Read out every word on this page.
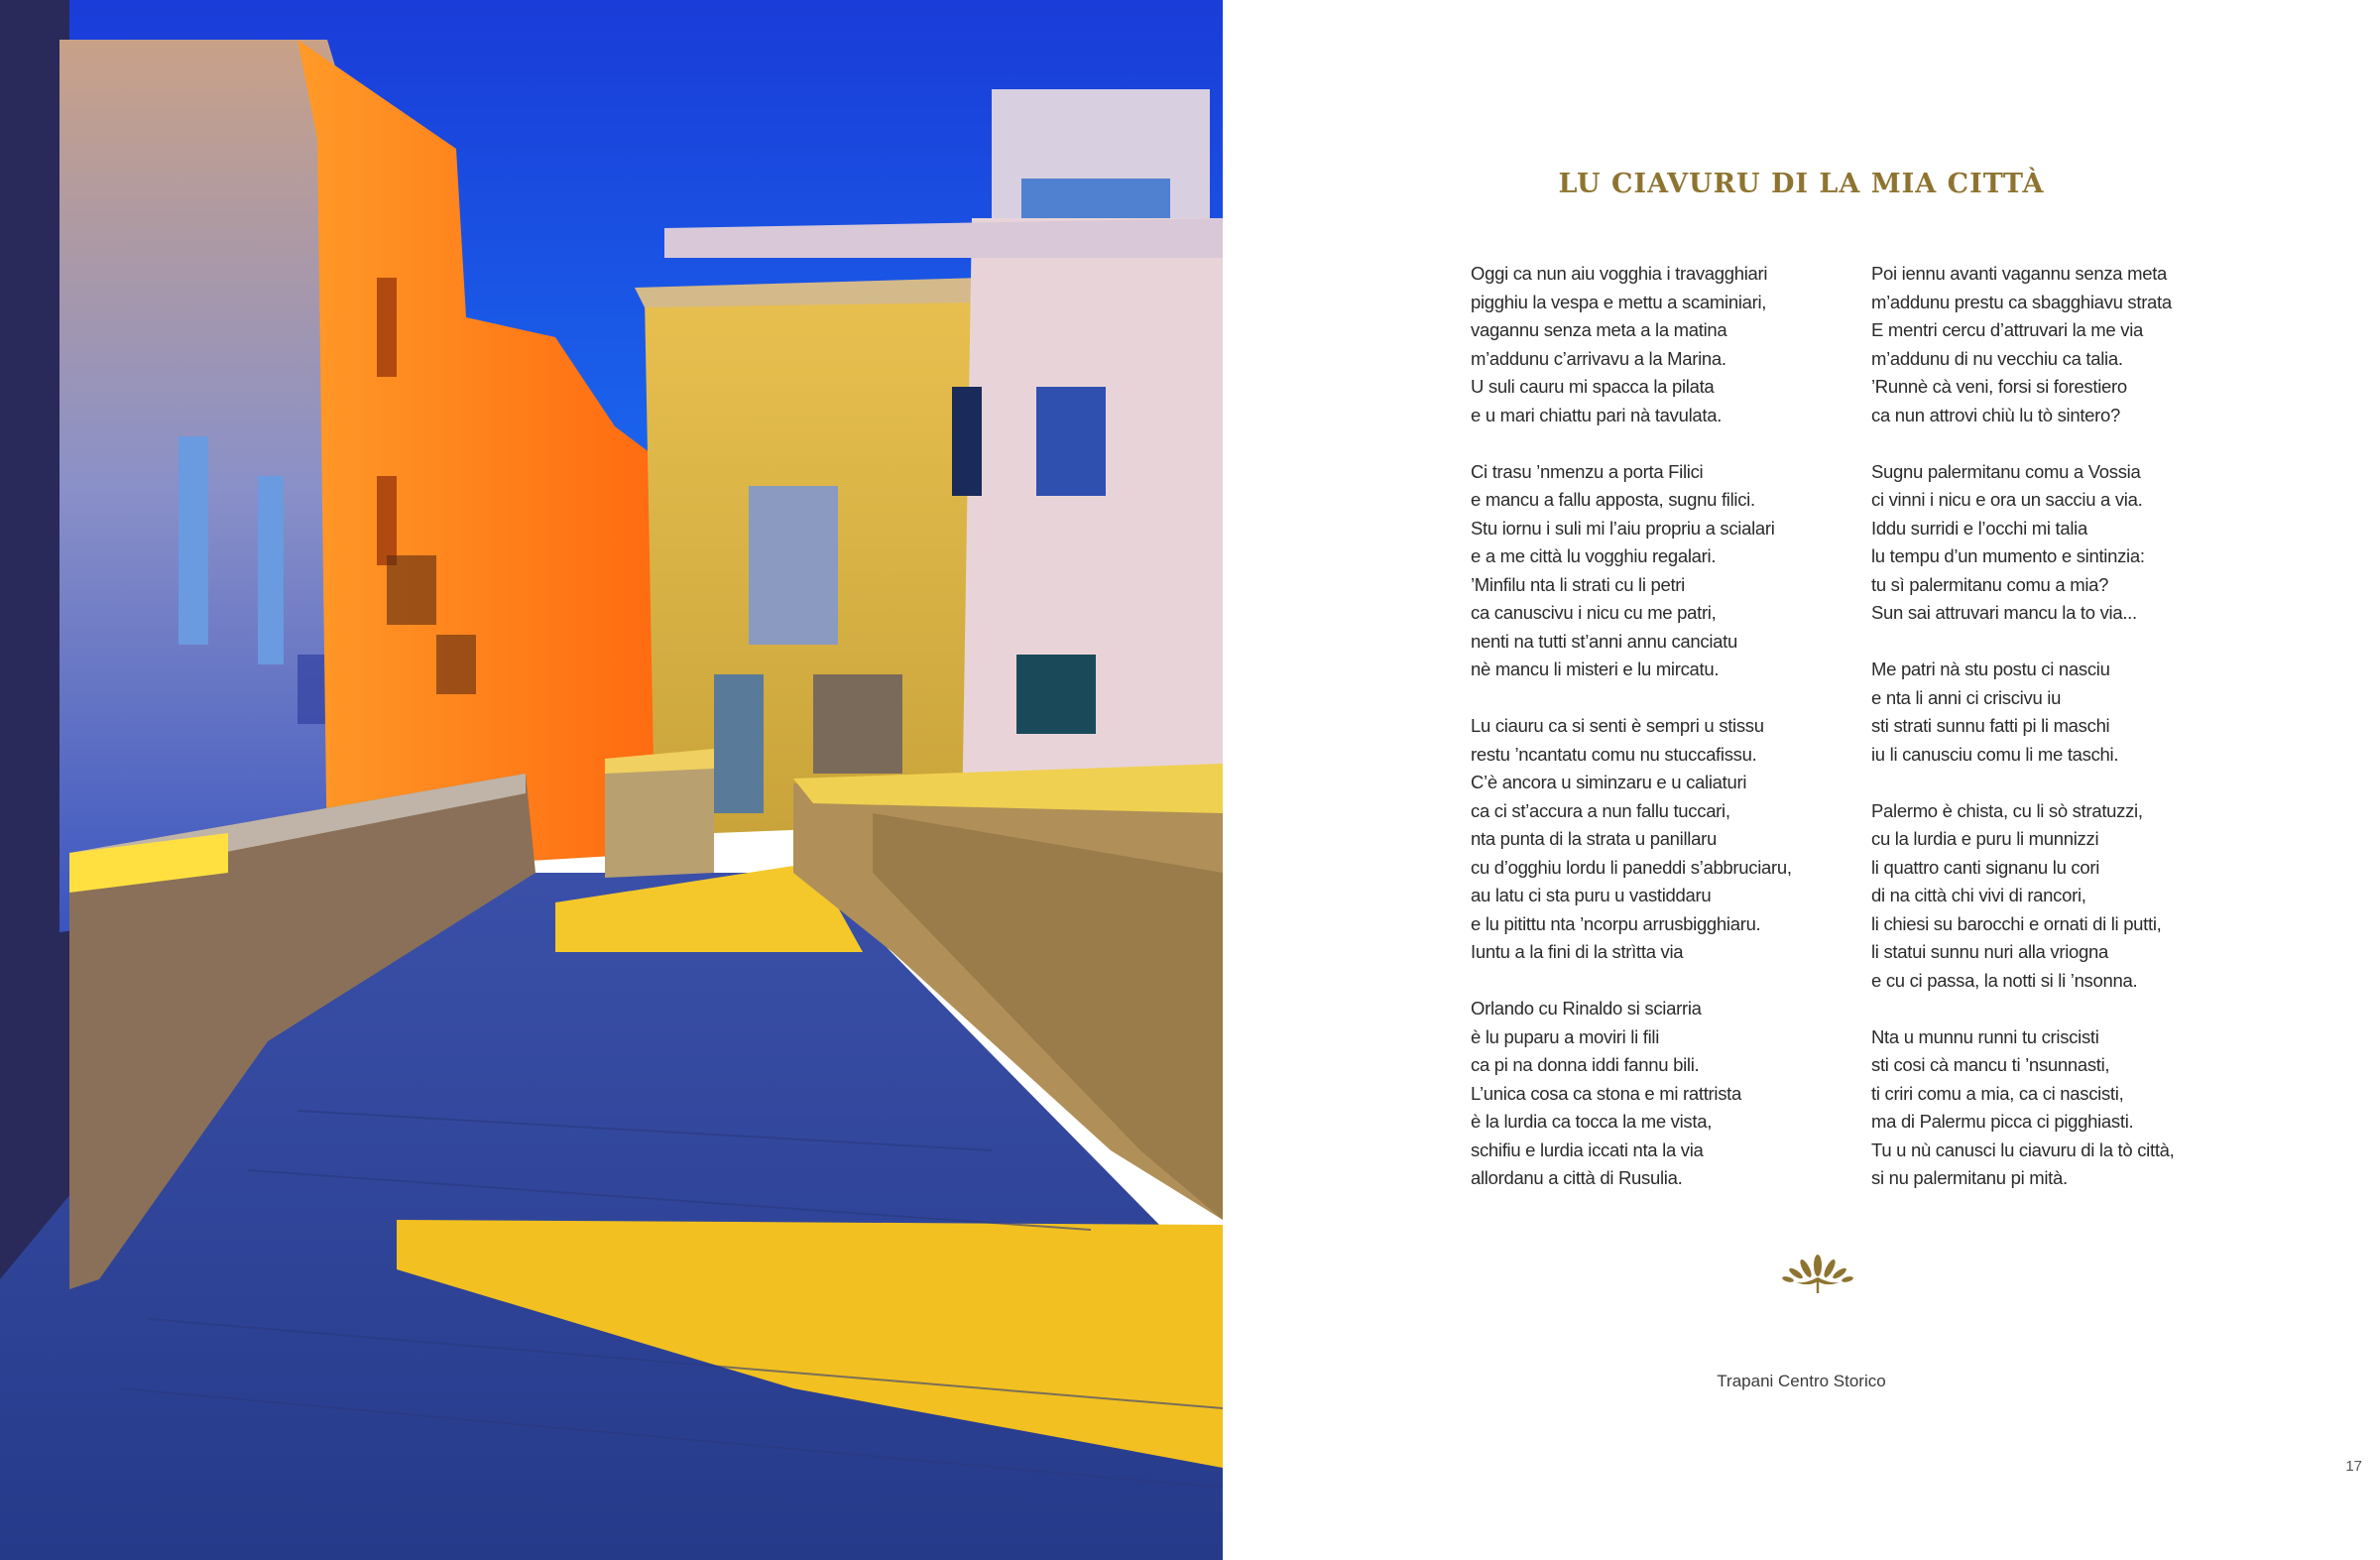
LU CIAVURU DI LA MIA CITTÀ
Oggi ca nun aiu vogghia i travagghiari
pigghiu la vespa e mettu a scaminiari,
vagannu senza meta a la matina
m’addunu c’arrivavu a la Marina.
U suli cauru mi spacca la pilata
e u mari chiattu pari nà tavulata.
Ci trasu ’nmenzu a porta Filici
e mancu a fallu apposta, sugnu filici.
Stu iornu i suli mi l’aiu propriu a scialari
e a me città lu vogghiu regalari.
’Minfilu nta li strati cu li petri
ca canuscivu i nicu cu me patri,
nenti na tutti st’anni annu canciatu
nè mancu li misteri e lu mircatu.
Lu ciauru ca si senti è sempri u stissu
restu ’ncantatu comu nu stuccafissu.
C’è ancora u siminzaru e u caliaturi
ca ci st’accura a nun fallu tuccari,
nta punta di la strata u panillaru
cu d’ogghiu lordu li paneddi s’abbruciaru,
au latu ci sta puru u vastiddaru
e lu pitittu nta ’ncorpu arrusbigghiaru.
Iuntu a la fini di la strìtta via
Orlando cu Rinaldo si sciarria
è lu puparu a moviri li fili
ca pi na donna iddi fannu bili.
L’unica cosa ca stona e mi rattrista
è la lurdia ca tocca la me vista,
schifiu e lurdia iccati nta la via
allordanu a città di Rusulia.
Poi iennu avanti vagannu senza meta
m’addunu prestu ca sbagghiavu strata
E mentri cercu d’attruvari la me via
m’addunu di nu vecchiu ca talia.
’Runnè cà veni, forsi si forestiero
ca nun attrovi chiù lu tò sintero?
Sugnu palermitanu comu a Vossia
ci vinni i nicu e ora un sacciu a via.
Iddu surridi e l’occhi mi talia
lu tempu d’un mumento e sintinzia:
tu sì palermitanu comu a mia?
Sun sai attruvari mancu la to via...
Me patri nà stu postu ci nasciu
e nta li anni ci criscivu iu
sti strati sunnu fatti pi li maschi
iu li canusciu comu li me taschi.
Palermo è chista, cu li sò stratuzzi,
cu la lurdia e puru li munnizzi
li quattro canti signanu lu cori
di na città chi vivi di rancori,
li chiesi su barocchi e ornati di li putti,
li statui sunnu nuri alla vriogna
e cu ci passa, la notti si li ’nsonna.
Nta u munnu runni tu criscisti
sti cosi cà mancu ti ’nsunnasti,
ti criri comu a mia, ca ci nascisti,
ma di Palermu picca ci pigghiasti.
Tu u nù canusci lu ciavuru di la tò città,
si nu palermitanu pi mità.
Trapani Centro Storico
17
